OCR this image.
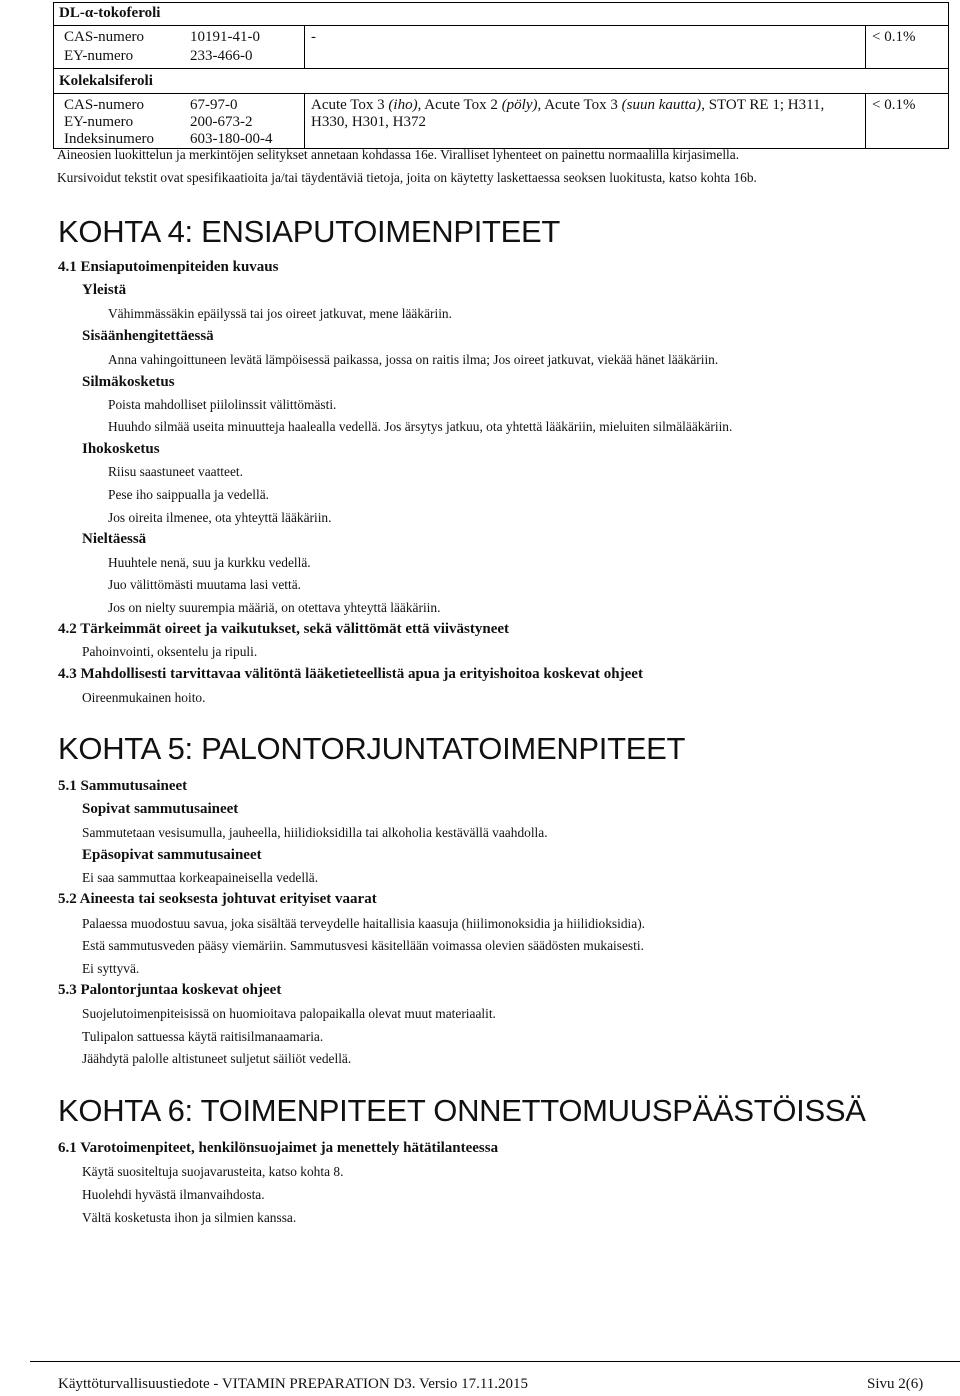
DL-α-tokoferoli
CAS-numero	10191-41-0
EY-numero	233-466-0
-	< 0.1%
Kolekalsiferoli
CAS-numero	67-97-0
EY-numero	200-673-2
Indeksinumero 603-180-00-4
Acute Tox 3 (iho), Acute Tox 2 (pöly), Acute Tox 3 (suun kautta), STOT RE 1; H311,
H330, H301, H372
< 0.1%
Aineosien luokittelun ja merkintöjen selitykset annetaan kohdassa 16e. Viralliset lyhenteet on painettu normaalilla kirjasimella.
Kursivoidut tekstit ovat spesifikaatioita ja/tai täydentäviä tietoja, joita on käytetty laskettaessa seoksen luokitusta, katso kohta 16b.
KOHTA 4: ENSIAPUTOIMENPITEET
4.1 Ensiaputoimenpiteiden kuvaus
Yleistä
Vähimmässäkin epäilyssä tai jos oireet jatkuvat, mene lääkäriin.
Sisäänhengitettäessä
Anna vahingoittuneen levätä lämpöisessä paikassa, jossa on raitis ilma; Jos oireet jatkuvat, viekää hänet lääkäriin.
Silmäkosketus
Poista mahdolliset piilolinssit välittömästi.
Huuhdo silmää useita minuutteja haalealla vedellä. Jos ärsytys jatkuu, ota yhtettä lääkäriin, mieluiten silmälääkäriin.
Ihokosketus
Riisu saastuneet vaatteet.
Pese iho saippualla ja vedellä.
Jos oireita ilmenee, ota yhteyttä lääkäriin.
Nieltäessä
Huuhtele nenä, suu ja kurkku vedellä.
Juo välittömästi muutama lasi vettä.
Jos on nielty suurempia määriä, on otettava yhteyttä lääkäriin.
4.2 Tärkeimmät oireet ja vaikutukset, sekä välittömät että viivästyneet
Pahoinvointi, oksentelu ja ripuli.
4.3 Mahdollisesti tarvittavaa välitöntä lääketieteellistä apua ja erityishoitoa koskevat ohjeet
Oireenmukainen hoito.
KOHTA 5: PALONTORJUNTATOIMENPITEET
5.1 Sammutusaineet
Sopivat sammutusaineet
Sammutetaan vesisumulla, jauheella, hiilidioksidilla tai alkoholia kestävällä vaahdolla.
Epäsopivat sammutusaineet
Ei saa sammuttaa korkeapaineisella vedellä.
5.2 Aineesta tai seoksesta johtuvat erityiset vaarat
Palaessa muodostuu savua, joka sisältää terveydelle haitallisia kaasuja (hiilimonoksidia ja hiilidioksidia).
Estä sammutusveden pääsy viemäriin. Sammutusvesi käsitellään voimassa olevien säädösten mukaisesti.
Ei syttyvä.
5.3 Palontorjuntaa koskevat ohjeet
Suojelutoimenpiteisissä on huomioitava palopaikalla olevat muut materiaalit.
Tulipalon sattuessa käytä raitisilmanaamaria.
Jäähdytä palolle altistuneet suljetut säiliöt vedellä.
KOHTA 6: TOIMENPITEET ONNETTOMUUSPÄÄSTÖISSÄ
6.1 Varotoimenpiteet, henkilönsuojaimet ja menettely hätätilanteessa
Käytä suositeltuja suojavarusteita, katso kohta 8.
Huolehdi hyvästä ilmanvaihdosta.
Vältä kosketusta ihon ja silmien kanssa.
Käyttöturvallisuustiedote - VITAMIN PREPARATION D3. Versio 17.11.2015	Sivu 2(6)
